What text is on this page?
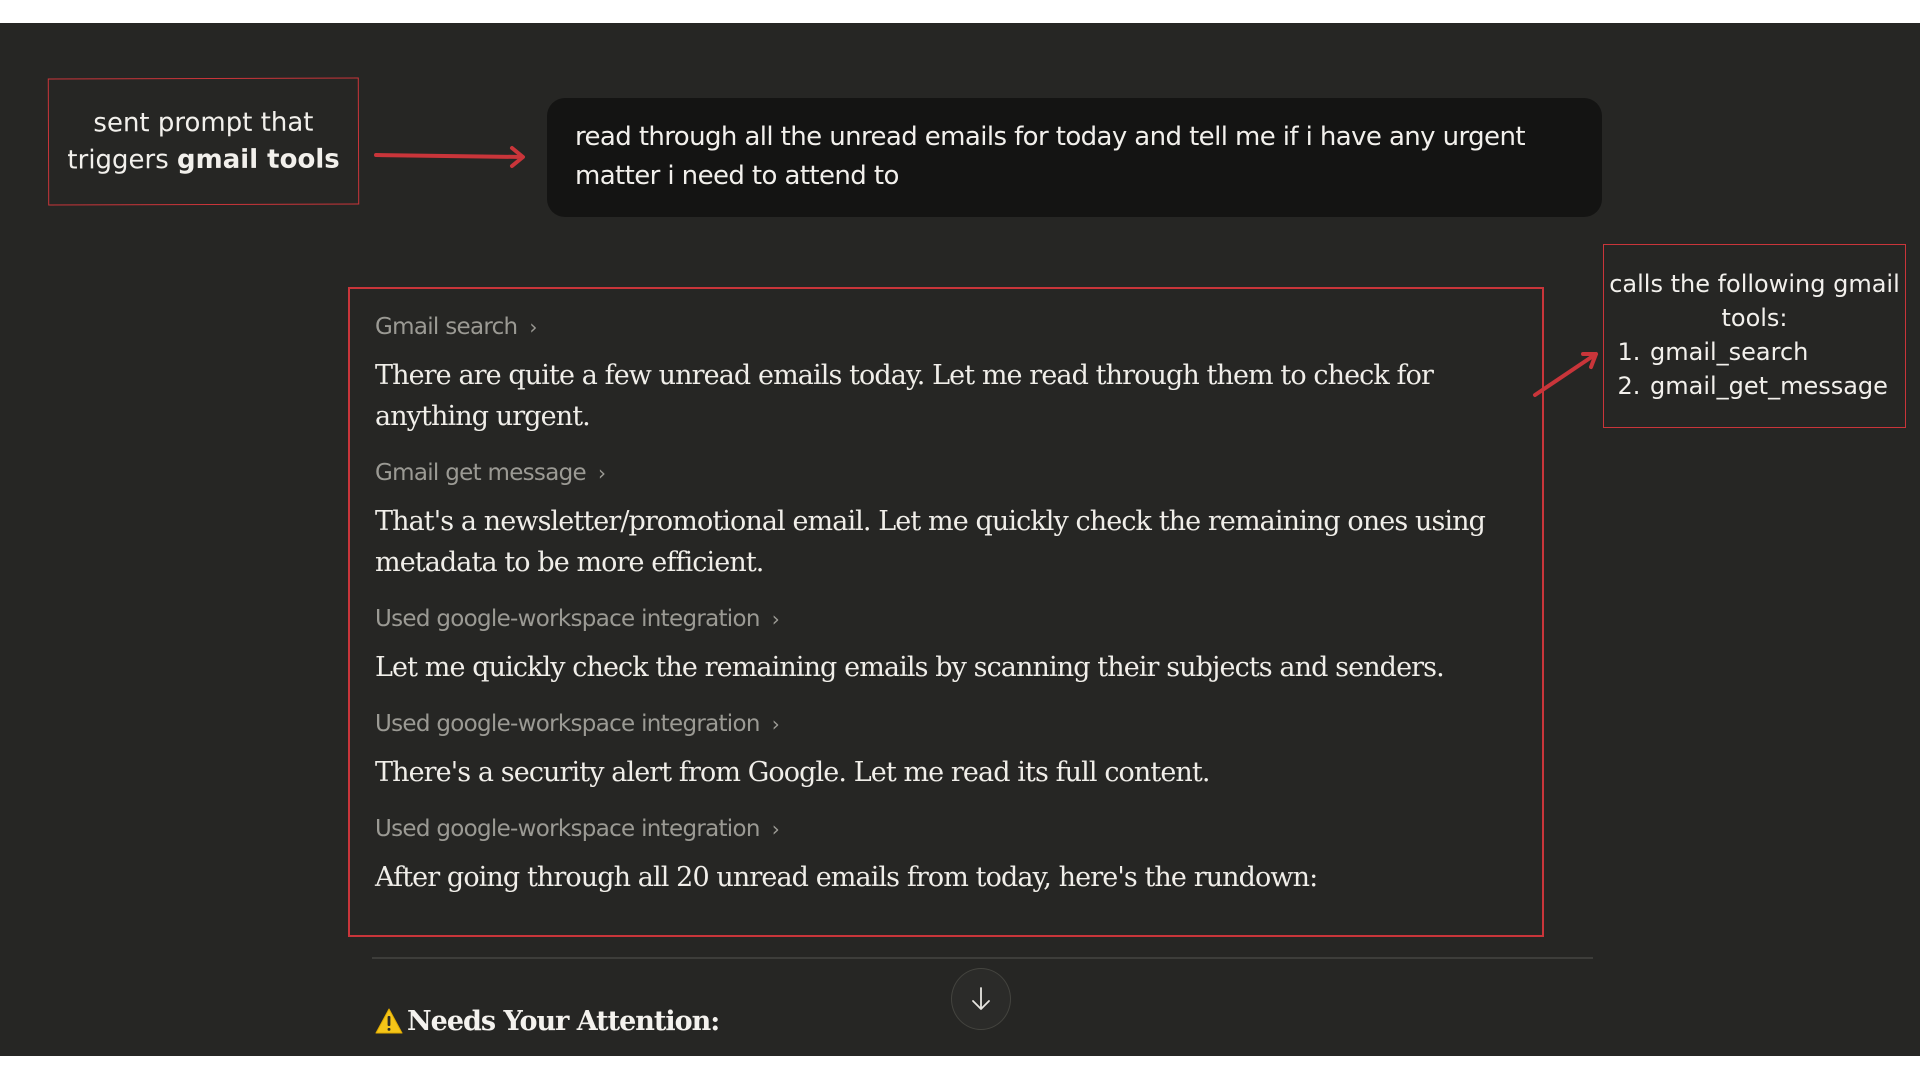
sent prompt that
triggers gmail tools
read through all the unread emails for today and tell me if i have any urgent matter i need to attend to
calls the following gmail tools:
1. gmail_search
2. gmail_get_message
Gmail search ›
There are quite a few unread emails today. Let me read through them to check for anything urgent.
Gmail get message ›
That's a newsletter/promotional email. Let me quickly check the remaining ones using metadata to be more efficient.
Used google-workspace integration ›
Let me quickly check the remaining emails by scanning their subjects and senders.
Used google-workspace integration ›
There's a security alert from Google. Let me read its full content.
Used google-workspace integration ›
After going through all 20 unread emails from today, here's the rundown:
Needs Your Attention:
